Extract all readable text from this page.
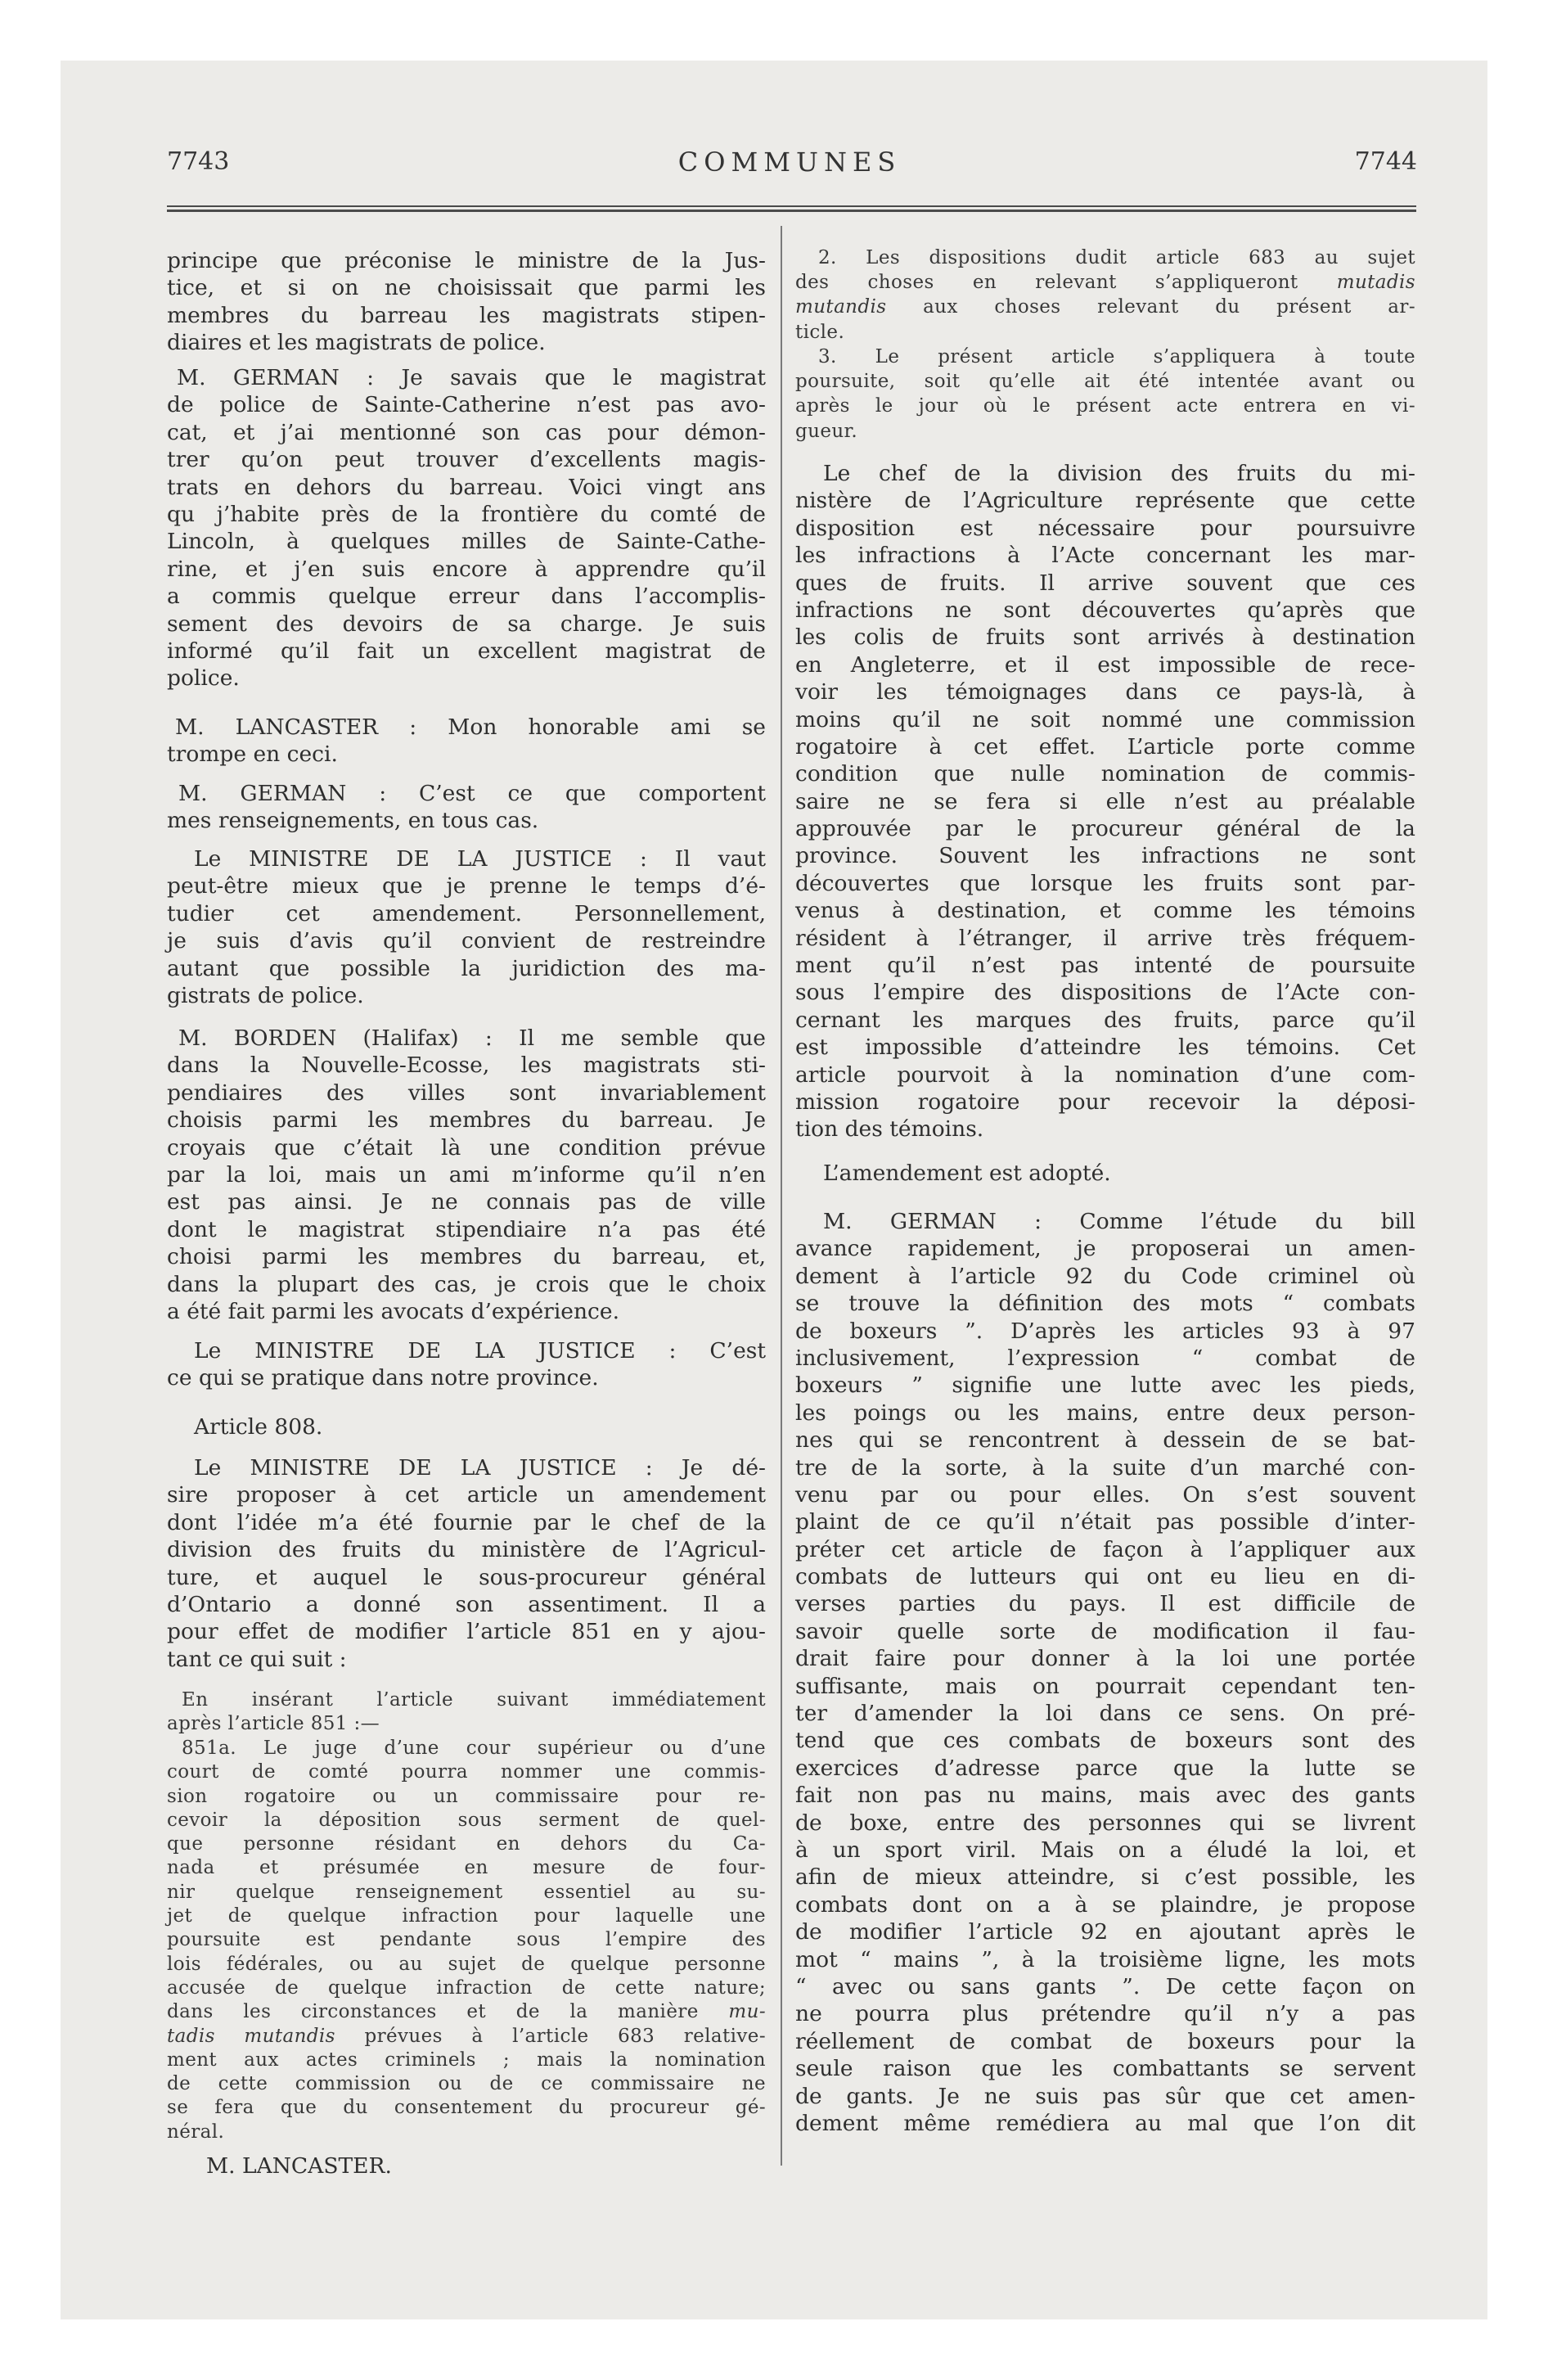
7743	COMMUNES	7744
principe que préconise le ministre de la Jus-
tice, et si on ne choisissait que parmi les
membres du barreau les magistrats stipen-
diaires et les magistrats de police.
M. GERMAN : Je savais que le magistrat
de police de Sainte-Catherine n’est pas avo-
cat, et j’ai mentionné son cas pour démon-
trer qu’on peut trouver d’excellents magis-
trats en dehors du barreau. Voici vingt ans
qu j’habite près de la frontière du comté de
Lincoln, à quelques milles de Sainte-Cathe-
rine, et j’en suis encore à apprendre qu’il
a commis quelque erreur dans l’accomplis-
sement des devoirs de sa charge. Je suis
informé qu’il fait un excellent magistrat de
police.
M. LANCASTER : Mon honorable ami se
trompe en ceci.
M. GERMAN : C’est ce que comportent
mes renseignements, en tous cas.
Le MINISTRE DE LA JUSTICE : Il vaut
peut-être mieux que je prenne le temps d’é-
tudier cet amendement. Personnellement,
je suis d’avis qu’il convient de restreindre
autant que possible la juridiction des ma-
gistrats de police.
M. BORDEN (Halifax) : Il me semble que
dans la Nouvelle-Ecosse, les magistrats sti-
pendiaires des villes sont invariablement
choisis parmi les membres du barreau. Je
croyais que c’était là une condition prévue
par la loi, mais un ami m’informe qu’il n’en
est pas ainsi. Je ne connais pas de ville
dont le magistrat stipendiaire n’a pas été
choisi parmi les membres du barreau, et,
dans la plupart des cas, je crois que le choix
a été fait parmi les avocats d’expérience.
Le MINISTRE DE LA JUSTICE : C’est
ce qui se pratique dans notre province.
Article 808.
Le MINISTRE DE LA JUSTICE : Je dé-
sire proposer à cet article un amendement
dont l’idée m’a été fournie par le chef de la
division des fruits du ministère de l’Agricul-
ture, et auquel le sous-procureur général
d’Ontario a donné son assentiment. Il a
pour effet de modifier l’article 851 en y ajou-
tant ce qui suit :
En insérant l’article suivant immédiatement
après l’article 851 :—
851a. Le juge d’une cour supérieur ou d’une
court de comté pourra nommer une commis-
sion rogatoire ou un commissaire pour re-
cevoir la déposition sous serment de quel-
que personne résidant en dehors du Ca-
nada et présumée en mesure de four-
nir quelque renseignement essentiel au su-
jet de quelque infraction pour laquelle une
poursuite est pendante sous l’empire des
lois fédérales, ou au sujet de quelque personne
accusée de quelque infraction de cette nature;
dans les circonstances et de la manière mu-
tadis mutandis prévues à l’article 683 relative-
ment aux actes criminels ; mais la nomination
de cette commission ou de ce commissaire ne
se fera que du consentement du procureur gé-
néral.
M. LANCASTER.
2. Les dispositions dudit article 683 au sujet
des choses en relevant s’appliqueront mutadis
mutandis aux choses relevant du présent ar-
ticle.
3. Le présent article s’appliquera à toute
poursuite, soit qu’elle ait été intentée avant ou
après le jour où le présent acte entrera en vi-
gueur.
Le chef de la division des fruits du mi-
nistère de l’Agriculture représente que cette
disposition est nécessaire pour poursuivre
les infractions à l’Acte concernant les mar-
ques de fruits. Il arrive souvent que ces
infractions ne sont découvertes qu’après que
les colis de fruits sont arrivés à destination
en Angleterre, et il est impossible de rece-
voir les témoignages dans ce pays-là, à
moins qu’il ne soit nommé une commission
rogatoire à cet effet. L’article porte comme
condition que nulle nomination de commis-
saire ne se fera si elle n’est au préalable
approuvée par le procureur général de la
province. Souvent les infractions ne sont
découvertes que lorsque les fruits sont par-
venus à destination, et comme les témoins
résident à l’étranger, il arrive très fréquem-
ment qu’il n’est pas intenté de poursuite
sous l’empire des dispositions de l’Acte con-
cernant les marques des fruits, parce qu’il
est impossible d’atteindre les témoins. Cet
article pourvoit à la nomination d’une com-
mission rogatoire pour recevoir la déposi-
tion des témoins.
L’amendement est adopté.
M. GERMAN : Comme l’étude du bill
avance rapidement, je proposerai un amen-
dement à l’article 92 du Code criminel où
se trouve la définition des mots “ combats
de boxeurs ”. D’après les articles 93 à 97
inclusivement, l’expression “ combat de
boxeurs ” signifie une lutte avec les pieds,
les poings ou les mains, entre deux person-
nes qui se rencontrent à dessein de se bat-
tre de la sorte, à la suite d’un marché con-
venu par ou pour elles. On s’est souvent
plaint de ce qu’il n’était pas possible d’inter-
préter cet article de façon à l’appliquer aux
combats de lutteurs qui ont eu lieu en di-
verses parties du pays. Il est difficile de
savoir quelle sorte de modification il fau-
drait faire pour donner à la loi une portée
suffisante, mais on pourrait cependant ten-
ter d’amender la loi dans ce sens. On pré-
tend que ces combats de boxeurs sont des
exercices d’adresse parce que la lutte se
fait non pas nu mains, mais avec des gants
de boxe, entre des personnes qui se livrent
à un sport viril. Mais on a éludé la loi, et
afin de mieux atteindre, si c’est possible, les
combats dont on a à se plaindre, je propose
de modifier l’article 92 en ajoutant après le
mot “ mains ”, à la troisième ligne, les mots
“ avec ou sans gants ”. De cette façon on
ne pourra plus prétendre qu’il n’y a pas
réellement de combat de boxeurs pour la
seule raison que les combattants se servent
de gants. Je ne suis pas sûr que cet amen-
dement même remédiera au mal que l’on dit
